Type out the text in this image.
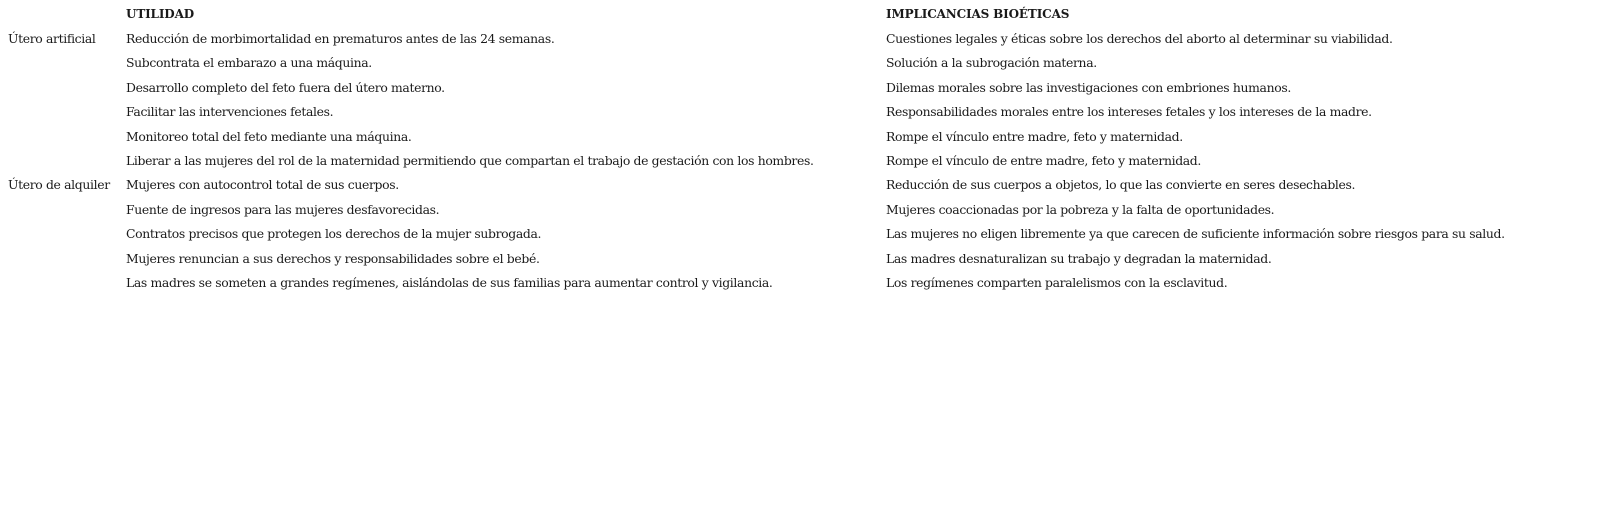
	UTILIDAD	IMPLICANCIAS BIOÉTICAS
Útero artificial	Reducción de morbimortalidad en prematuros antes de las 24 semanas.	Cuestiones legales y éticas sobre los derechos del aborto al determinar su viabilidad.
	Subcontrata el embarazo a una máquina.	Solución a la subrogación materna.
	Desarrollo completo del feto fuera del útero materno.	Dilemas morales sobre las investigaciones con embriones humanos.
	Facilitar las intervenciones fetales.	Responsabilidades morales entre los intereses fetales y los intereses de la madre.
	Monitoreo total del feto mediante una máquina.	Rompe el vínculo entre madre, feto y maternidad.
	Liberar a las mujeres del rol de la maternidad permitiendo que compartan el trabajo de gestación con los hombres.	Rompe el vínculo de entre madre, feto y maternidad.
Útero de alquiler	Mujeres con autocontrol total de sus cuerpos.	Reducción de sus cuerpos a objetos, lo que las convierte en seres desechables.
	Fuente de ingresos para las mujeres desfavorecidas.	Mujeres coaccionadas por la pobreza y la falta de oportunidades.
	Contratos precisos que protegen los derechos de la mujer subrogada.	Las mujeres no eligen libremente ya que carecen de suficiente información sobre riesgos para su salud.
	Mujeres renuncian a sus derechos y responsabilidades sobre el bebé.	Las madres desnaturalizan su trabajo y degradan la maternidad.
	Las madres se someten a grandes regímenes, aislándolas de sus familias para aumentar control y vigilancia.	Los regímenes comparten paralelismos con la esclavitud.
